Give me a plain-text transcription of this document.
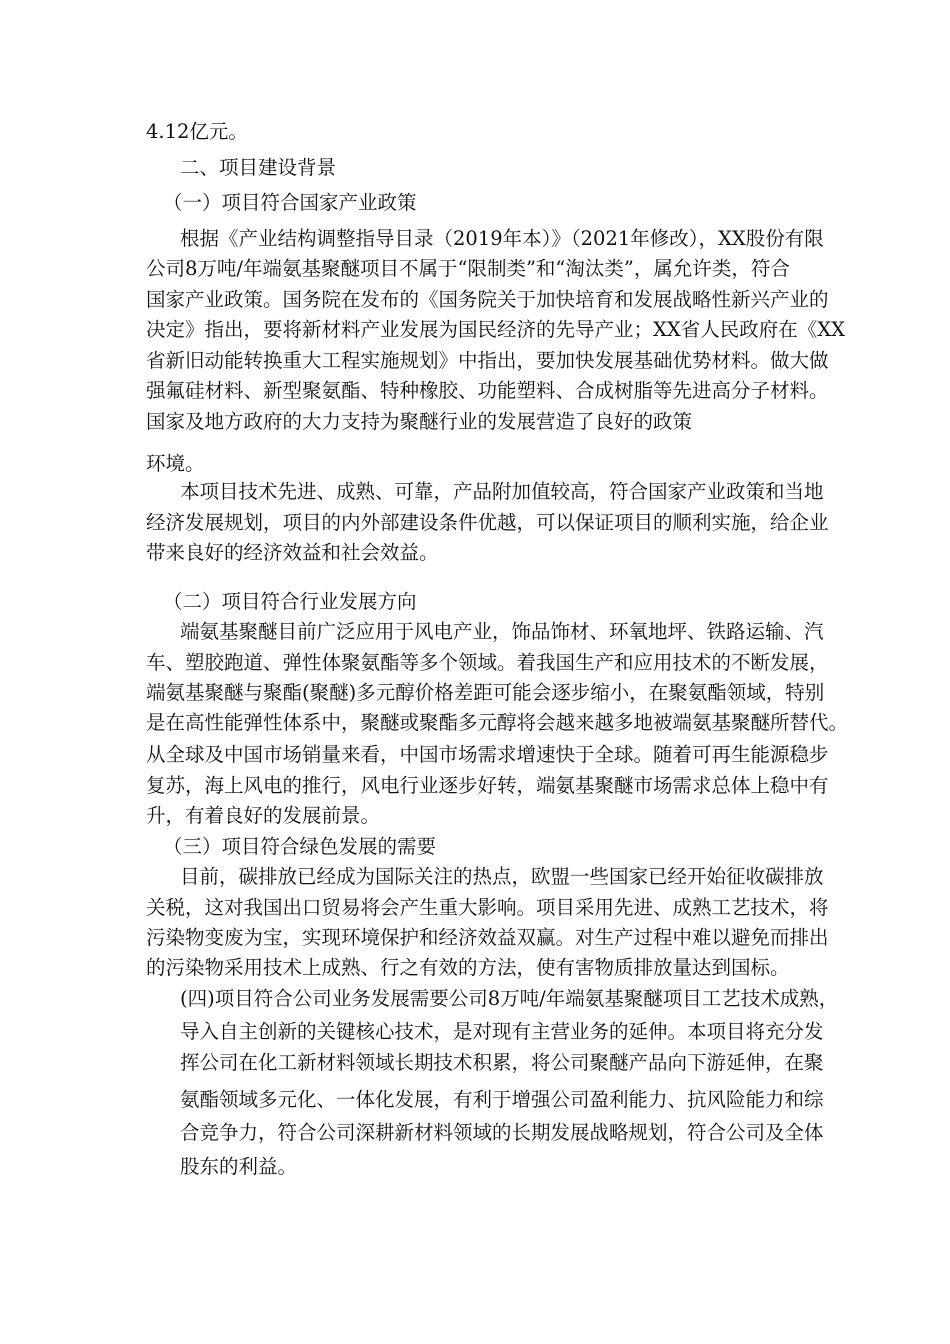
4.12亿元。
二、项目建设背景
（一）项目符合国家产业政策
根据《产业结构调整指导目录（2019年本）》（2021年修改），XX股份有限
公司8万吨/年端氨基聚醚项目不属于“限制类”和“淘汰类”，属允许类，符合
国家产业政策。国务院在发布的《国务院关于加快培育和发展战略性新兴产业的
决定》指出，要将新材料产业发展为国民经济的先导产业；XX省人民政府在《XX
省新旧动能转换重大工程实施规划》中指出，要加快发展基础优势材料。做大做
强氟硅材料、新型聚氨酯、特种橡胶、功能塑料、合成树脂等先进高分子材料。
国家及地方政府的大力支持为聚醚行业的发展营造了良好的政策
环境。
本项目技术先进、成熟、可靠，产品附加值较高，符合国家产业政策和当地
经济发展规划，项目的内外部建设条件优越，可以保证项目的顺利实施，给企业
带来良好的经济效益和社会效益。
（二）项目符合行业发展方向
端氨基聚醚目前广泛应用于风电产业，饰品饰材、环氧地坪、铁路运输、汽
车、塑胶跑道、弹性体聚氨酯等多个领域。着我国生产和应用技术的不断发展，
端氨基聚醚与聚酯(聚醚)多元醇价格差距可能会逐步缩小，在聚氨酯领域，特别
是在高性能弹性体系中，聚醚或聚酯多元醇将会越来越多地被端氨基聚醚所替代。
从全球及中国市场销量来看，中国市场需求增速快于全球。随着可再生能源稳步
复苏，海上风电的推行，风电行业逐步好转，端氨基聚醚市场需求总体上稳中有
升，有着良好的发展前景。
（三）项目符合绿色发展的需要
目前，碳排放已经成为国际关注的热点，欧盟一些国家已经开始征收碳排放
关税，这对我国出口贸易将会产生重大影响。项目采用先进、成熟工艺技术，将
污染物变废为宝，实现环境保护和经济效益双赢。对生产过程中难以避免而排出
的污染物采用技术上成熟、行之有效的方法，使有害物质排放量达到国标。
(四)项目符合公司业务发展需要公司8万吨/年端氨基聚醚项目工艺技术成熟，
导入自主创新的关键核心技术，是对现有主营业务的延伸。本项目将充分发
挥公司在化工新材料领域长期技术积累，将公司聚醚产品向下游延伸，在聚
氨酯领域多元化、一体化发展，有利于增强公司盈利能力、抗风险能力和综
合竞争力，符合公司深耕新材料领域的长期发展战略规划，符合公司及全体
股东的利益。
